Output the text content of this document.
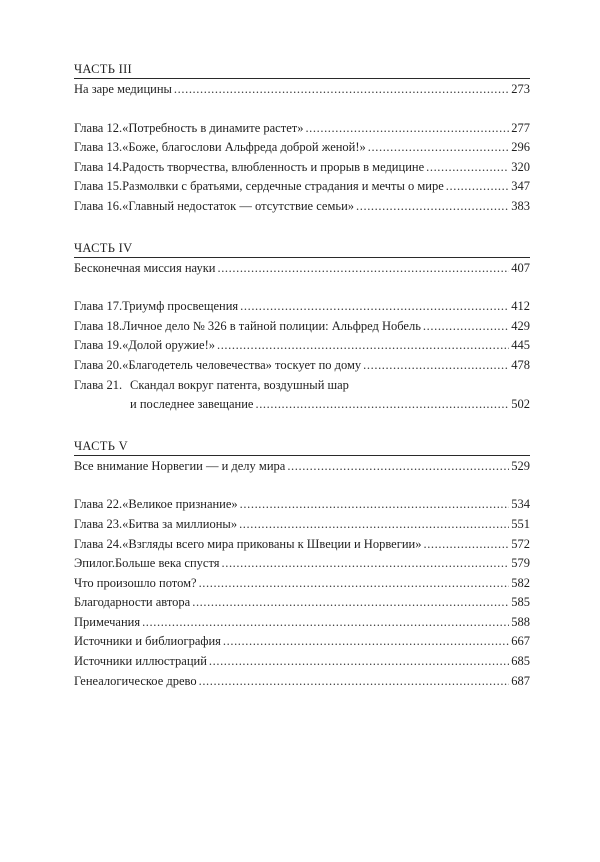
ЧАСТЬ III
На заре медицины .....	273
Глава 12. «Потребность в динамите растет» .....	277
Глава 13. «Боже, благослови Альфреда доброй женой!» .....	296
Глава 14. Радость творчества, влюбленность и прорыв в медицине .....	320
Глава 15. Размолвки с братьями, сердечные страдания и мечты о мире .....	347
Глава 16. «Главный недостаток — отсутствие семьи» .....	383
ЧАСТЬ IV
Бесконечная миссия науки .....	407
Глава 17. Триумф просвещения .....	412
Глава 18. Личное дело № 326 в тайной полиции: Альфред Нобель .....	429
Глава 19. «Долой оружие!» .....	445
Глава 20. «Благодетель человечества» тоскует по дому .....	478
Глава 21. Скандал вокруг патента, воздушный шар
и последнее завещание .....	502
ЧАСТЬ V
Все внимание Норвегии — и делу мира .....	529
Глава 22. «Великое признание» .....	534
Глава 23. «Битва за миллионы» .....	551
Глава 24. «Взгляды всего мира прикованы к Швеции и Норвегии» .....	572
Эпилог. Больше века спустя .....	579
Что произошло потом? .....	582
Благодарности автора .....	585
Примечания .....	588
Источники и библиография .....	667
Источники иллюстраций .....	685
Генеалогическое древо .....	687
